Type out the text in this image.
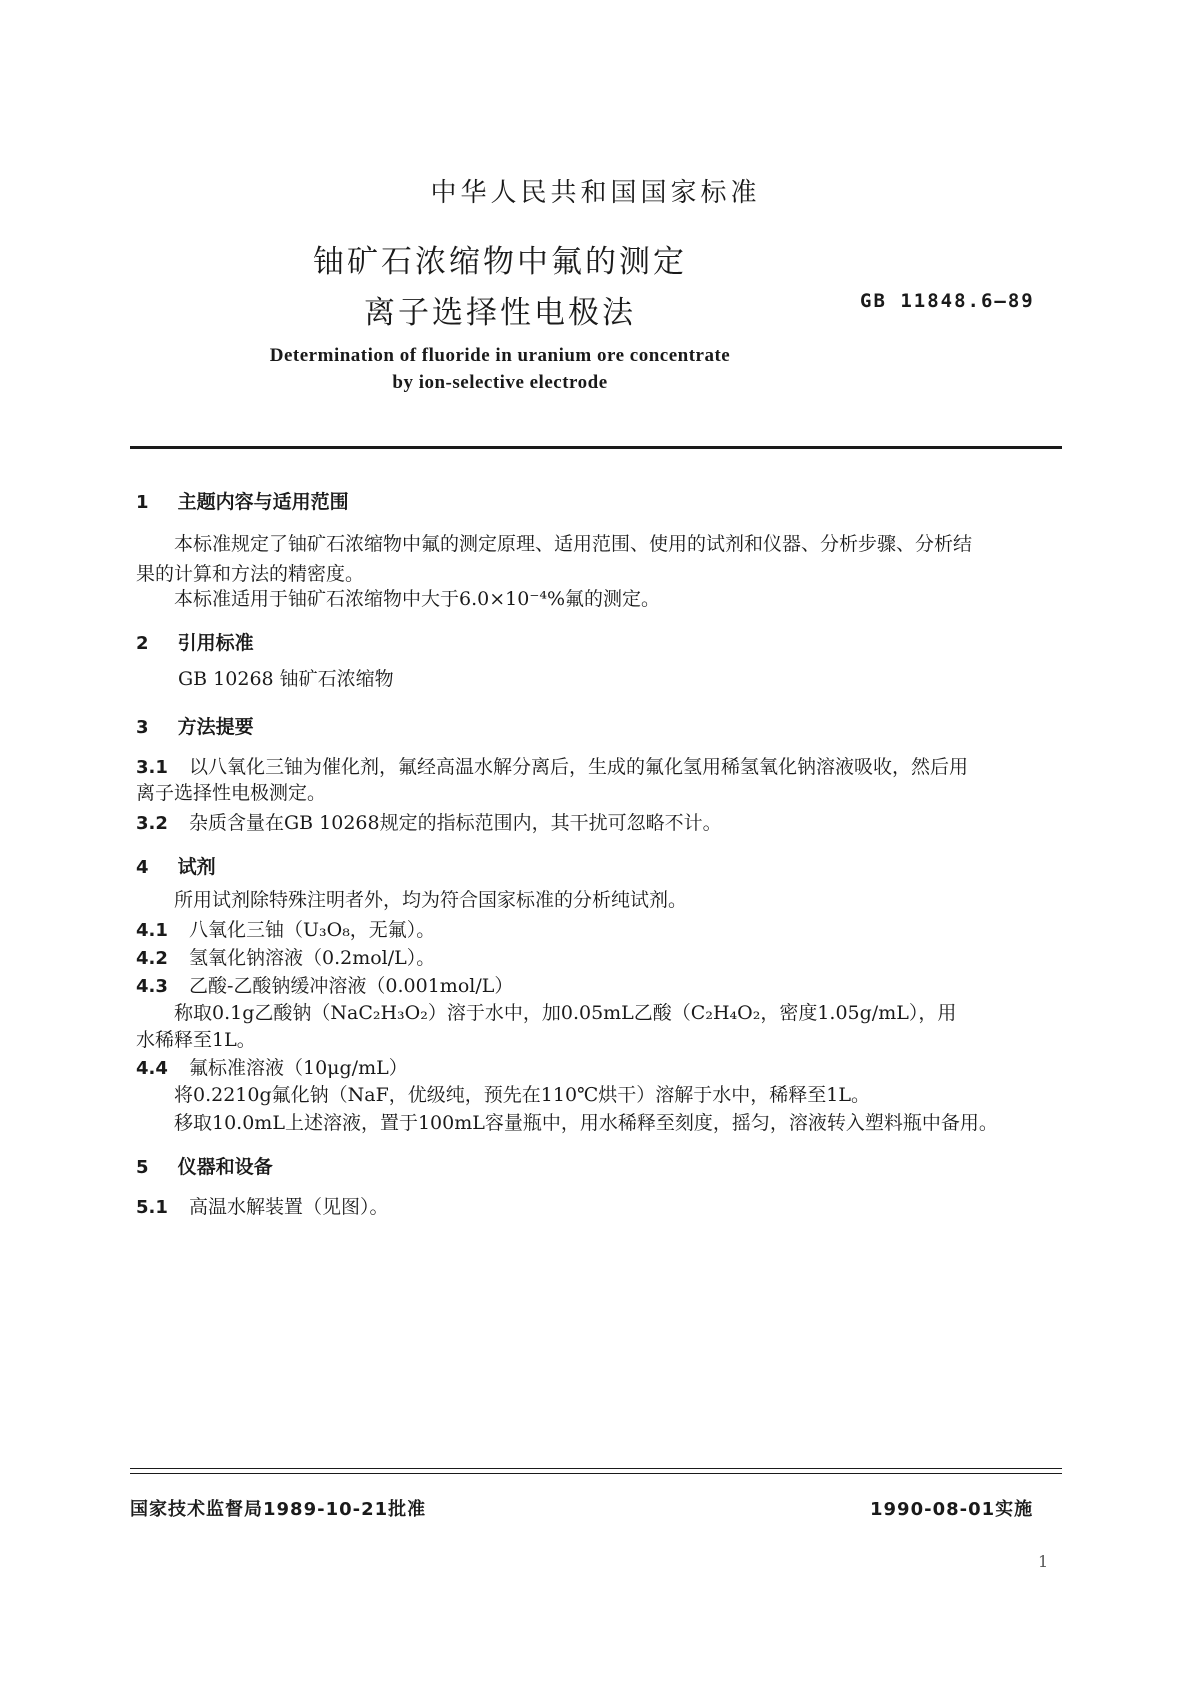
中华人民共和国国家标准
铀矿石浓缩物中氟的测定
离子选择性电极法	GB 11848.6—89
Determination of fluoride in uranium ore concentrate
by ion-selective electrode
1 主题内容与适用范围
本标准规定了铀矿石浓缩物中氟的测定原理、适用范围、使用的试剂和仪器、分析步骤、分析结
果的计算和方法的精密度。
本标准适用于铀矿石浓缩物中大于6.0×10⁻⁴%氟的测定。
2 引用标准
GB 10268 铀矿石浓缩物
3 方法提要
3.1 以八氧化三铀为催化剂，氟经高温水解分离后，生成的氟化氢用稀氢氧化钠溶液吸收，然后用
离子选择性电极测定。
3.2 杂质含量在GB 10268规定的指标范围内，其干扰可忽略不计。
4 试剂
所用试剂除特殊注明者外，均为符合国家标准的分析纯试剂。
4.1 八氧化三铀（U₃O₈，无氟）。
4.2 氢氧化钠溶液（0.2mol/L）。
4.3 乙酸-乙酸钠缓冲溶液（0.001mol/L）
称取0.1g乙酸钠（NaC₂H₃O₂）溶于水中，加0.05mL乙酸（C₂H₄O₂，密度1.05g/mL），用
水稀释至1L。
4.4 氟标准溶液（10μg/mL）
将0.2210g氟化钠（NaF，优级纯，预先在110℃烘干）溶解于水中，稀释至1L。
移取10.0mL上述溶液，置于100mL容量瓶中，用水稀释至刻度，摇匀，溶液转入塑料瓶中备用。
5 仪器和设备
5.1 高温水解装置（见图）。
国家技术监督局1989-10-21批准	1990-08-01实施
1
